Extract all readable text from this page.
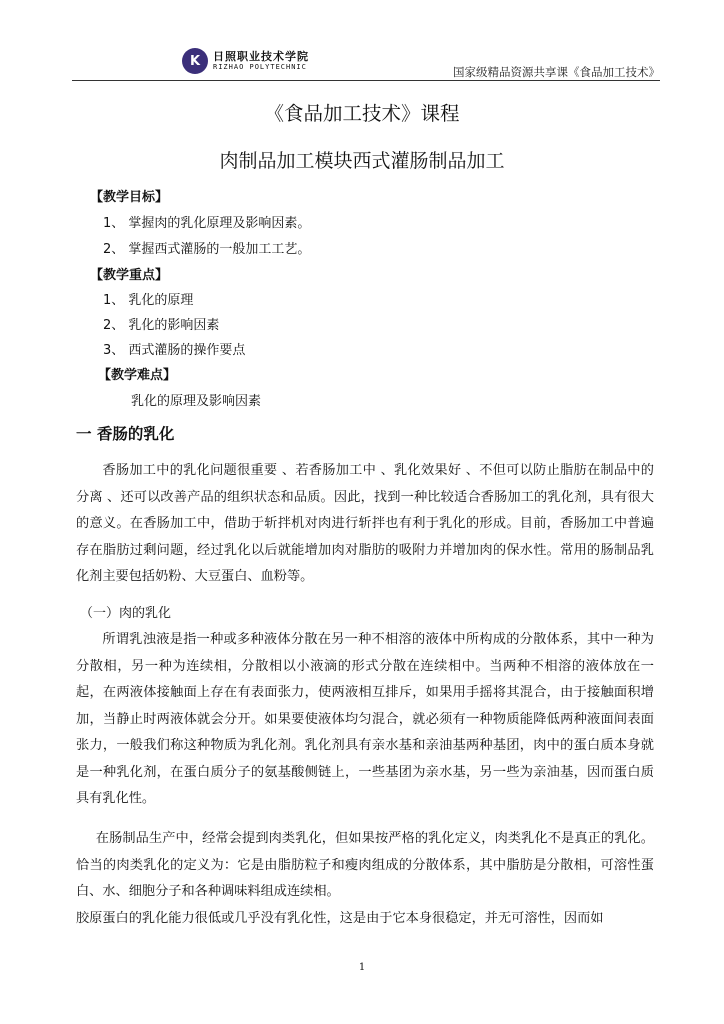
K	日照职业技术学院
RIZHAO POLYTECHNIC	国家级精品资源共享课《食品加工技术》
《食品加工技术》课程
肉制品加工模块西式灌肠制品加工
【教学目标】
1、 掌握肉的乳化原理及影响因素。
2、 掌握西式灌肠的一般加工工艺。
【教学重点】
1、 乳化的原理
2、 乳化的影响因素
3、 西式灌肠的操作要点
【教学难点】
乳化的原理及影响因素
一 香肠的乳化

香肠加工中的乳化问题很重要 、若香肠加工中 、乳化效果好 、不但可以防止脂肪在制品中的分离 、还可以改善产品的组织状态和品质。因此，找到一种比较适合香肠加工的乳化剂，具有很大的意义。在香肠加工中，借助于斩拌机对肉进行斩拌也有利于乳化的形成。目前，香肠加工中普遍存在脂肪过剩问题，经过乳化以后就能增加肉对脂肪的吸附力并增加肉的保水性。常用的肠制品乳化剂主要包括奶粉、大豆蛋白、血粉等。

（一）肉的乳化

所谓乳浊液是指一种或多种液体分散在另一种不相溶的液体中所构成的分散体系，其中一种为分散相，另一种为连续相，分散相以小液滴的形式分散在连续相中。当两种不相溶的液体放在一起，在两液体接触面上存在有表面张力，使两液相互排斥，如果用手摇将其混合，由于接触面积增加，当静止时两液体就会分开。如果要使液体均匀混合，就必须有一种物质能降低两种液面间表面张力，一般我们称这种物质为乳化剂。乳化剂具有亲水基和亲油基两种基团，肉中的蛋白质本身就是一种乳化剂，在蛋白质分子的氨基酸侧链上，一些基团为亲水基，另一些为亲油基，因而蛋白质具有乳化性。

在肠制品生产中，经常会提到肉类乳化，但如果按严格的乳化定义，肉类乳化不是真正的乳化。恰当的肉类乳化的定义为：它是由脂肪粒子和瘦肉组成的分散体系，其中脂肪是分散相，可溶性蛋白、水、细胞分子和各种调味料组成连续相。

胶原蛋白的乳化能力很低或几乎没有乳化性，这是由于它本身很稳定，并无可溶性，因而如

1
